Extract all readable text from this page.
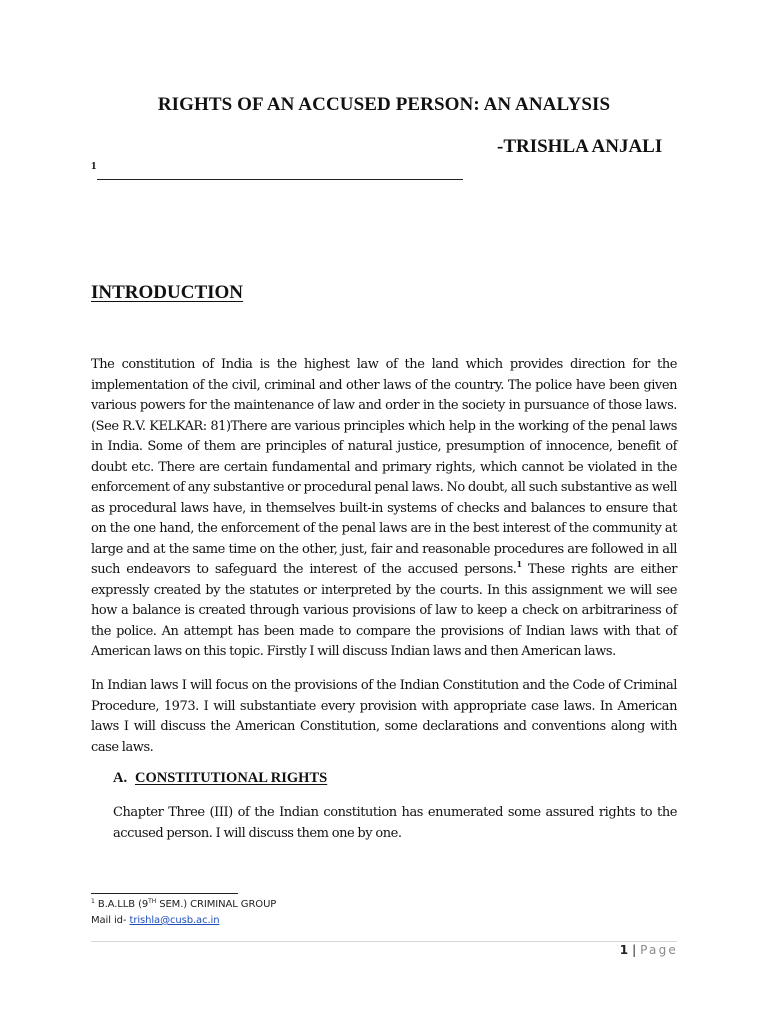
RIGHTS OF AN ACCUSED PERSON: AN ANALYSIS
-TRISHLA ANJALI
1
INTRODUCTION
The constitution of India is the highest law of the land which provides direction for the implementation of the civil, criminal and other laws of the country. The police have been given various powers for the maintenance of law and order in the society in pursuance of those laws. (See R.V. KELKAR: 81)There are various principles which help in the working of the penal laws in India. Some of them are principles of natural justice, presumption of innocence, benefit of doubt etc. There are certain fundamental and primary rights, which cannot be violated in the enforcement of any substantive or procedural penal laws. No doubt, all such substantive as well as procedural laws have, in themselves built-in systems of checks and balances to ensure that on the one hand, the enforcement of the penal laws are in the best interest of the community at large and at the same time on the other, just, fair and reasonable procedures are followed in all such endeavors to safeguard the interest of the accused persons.$^1$ These rights are either expressly created by the statutes or interpreted by the courts. In this assignment we will see how a balance is created through various provisions of law to keep a check on arbitrariness of the police. An attempt has been made to compare the provisions of Indian laws with that of American laws on this topic. Firstly I will discuss Indian laws and then American laws.
In Indian laws I will focus on the provisions of the Indian Constitution and the Code of Criminal Procedure, 1973. I will substantiate every provision with appropriate case laws. In American laws I will discuss the American Constitution, some declarations and conventions along with case laws.
A. CONSTITUTIONAL RIGHTS
Chapter Three (III) of the Indian constitution has enumerated some assured rights to the accused person. I will discuss them one by one.
$^1$ B.A.LLB (9TH SEM.) CRIMINAL GROUP
Mail id- trishla@cusb.ac.in
1 | Page
